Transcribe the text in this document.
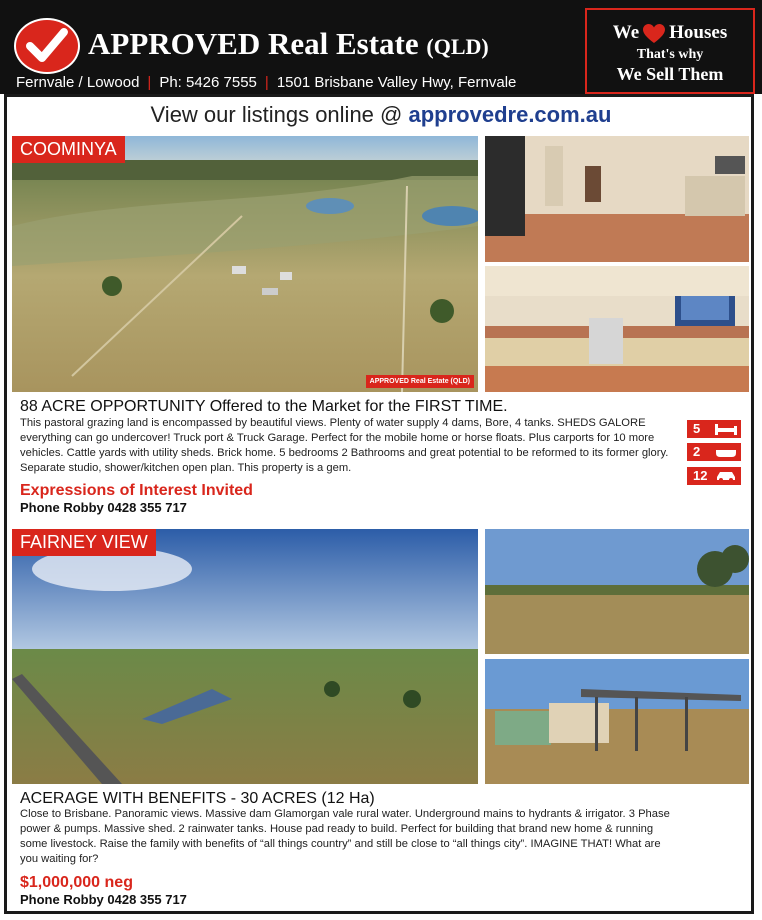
APPROVED Real Estate (QLD)
Fernvale / Lowood | Ph: 5426 7555 | 1501 Brisbane Valley Hwy, Fernvale
We Houses
That's why
We Sell Them
View our listings online @ approvedre.com.au
COOMINYA
APPROVED Real Estate (QLD)
88 ACRE OPPORTUNITY Offered to the Market for the FIRST TIME.
This pastoral grazing land is encompassed by beautiful views. Plenty of water supply 4 dams, Bore, 4 tanks. SHEDS GALORE everything can go undercover! Truck port & Truck Garage. Perfect for the mobile home or horse floats. Plus carports for 10 more vehicles. Cattle yards with utility sheds. Brick home. 5 bedrooms 2 Bathrooms and great potential to be reformed to its former glory. Separate studio, shower/kitchen open plan. This property is a gem.
Expressions of Interest Invited
Phone Robby 0428 355 717
5
2
12
FAIRNEY VIEW
ACERAGE WITH BENEFITS - 30 ACRES (12 Ha)
Close to Brisbane. Panoramic views. Massive dam Glamorgan vale rural water. Underground mains to hydrants & irrigator. 3 Phase power & pumps. Massive shed. 2 rainwater tanks. House pad ready to build. Perfect for building that brand new home & running some livestock. Raise the family with benefits of “all things country” and still be close to “all things city”. IMAGINE THAT! What are you waiting for?
$1,000,000 neg
Phone Robby 0428 355 717
